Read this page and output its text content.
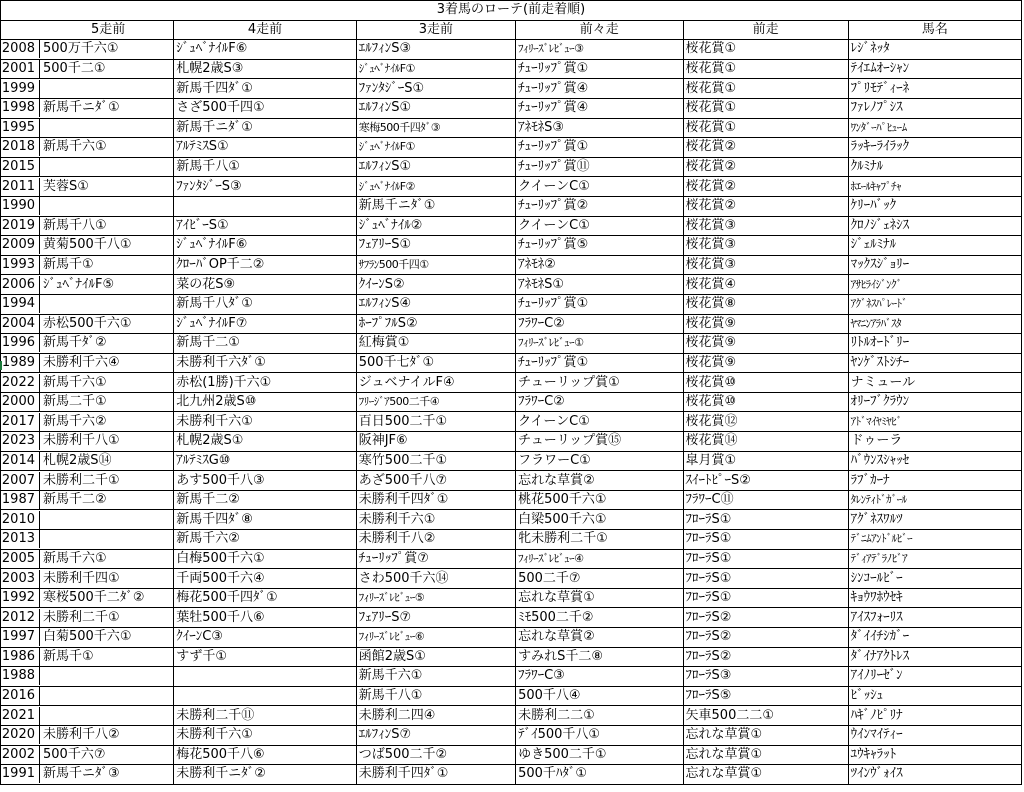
3着馬のローテ(前走着順)					
5走前	4走前	3走前	前々走	前走	馬名
2008 500万千六①	ｼﾞｭﾍﾞﾅｲﾙF⑥	ｴﾙﾌｨﾝS③	ﾌｨﾘｰｽﾞﾚﾋﾞｭｰ③	桜花賞①	ﾚｼﾞﾈｯﾀ
2001 500千二①	札幌2歳S③	ｼﾞｭﾍﾞﾅｲﾙF①	ﾁｭｰﾘｯﾌﾟ賞①	桜花賞①	ﾃｲｴﾑｵｰｼｬﾝ
1999	新馬千四ﾀﾞ①	ﾌｧﾝﾀｼﾞｰS①	ﾁｭｰﾘｯﾌﾟ賞④	桜花賞①	ﾌﾟﾘﾓﾃﾞｨｰﾈ
1998 新馬千ニﾀﾞ①	さざ500千四①	ｴﾙﾌｨﾝS①	ﾁｭｰﾘｯﾌﾟ賞④	桜花賞①	ﾌｧﾚﾉﾌﾟｼｽ
1995	新馬千ニﾀﾞ①	寒梅500千四ﾀﾞ③	ｱﾈﾓﾈS③	桜花賞①	ﾜﾝﾀﾞｰﾊﾟﾋｭｰﾑ
2018 新馬千六①	ｱﾙﾃﾐｽS①	ｼﾞｭﾍﾞﾅｲﾙF①	ﾁｭｰﾘｯﾌﾟ賞①	桜花賞②	ﾗｯｷｰﾗｲﾗｯｸ
2015	新馬千八①	ｴﾙﾌｨﾝS①	ﾁｭｰﾘｯﾌﾟ賞⑪	桜花賞②	ｸﾙﾐﾅﾙ
2011 芙蓉S①	ﾌｧﾝﾀｼﾞｰS③	ｼﾞｭﾍﾞﾅｲﾙF②	クイーンC①	桜花賞②	ﾎｴｰﾙｷｬﾌﾟﾁｬ
1990		新馬千ニﾀﾞ①	ﾁｭｰﾘｯﾌﾟ賞②	桜花賞②	ｹﾘｰﾊﾞｯｸ
2019 新馬千八①	ｱｲﾋﾞｰS①	ｼﾞｭﾍﾞﾅｲﾙ②	クイーンC①	桜花賞③	ｸﾛﾉｼﾞｪﾈｼｽ
2009 黄菊500千八①	ｼﾞｭﾍﾞﾅｲﾙF⑥	ﾌｪｱﾘｰS①	ﾁｭｰﾘｯﾌﾟ賞⑤	桜花賞③	ｼﾞｪﾙﾐﾅﾙ
1993 新馬千①	ｸﾛｰﾊﾞOP千二②	ｻﾌﾗﾝ500千四①	ｱﾈﾓﾈ②	桜花賞③	ﾏｯｸｽｼﾞｮﾘｰ
2006 ｼﾞｭﾍﾞﾅｲﾙF⑤	菜の花S⑨	ｸｲｰﾝS②	ｱﾈﾓﾈS①	桜花賞④	ｱｻﾋﾗｲｼﾞﾝｸﾞ
1994	新馬千八ﾀﾞ①	ｴﾙﾌｨﾝS④	ﾁｭｰﾘｯﾌﾟ賞①	桜花賞⑧	ｱｸﾞﾈｽﾊﾟﾚｰﾄﾞ
2004 赤松500千六①	ｼﾞｭﾍﾞﾅｲﾙF⑦	ﾎｰﾌﾟﾌﾙS②	ﾌﾗﾜｰC②	桜花賞⑨	ﾔﾏﾆﾝｱﾗﾊﾞｽﾀ
1996 新馬千ﾀﾞ②	新馬千二①	紅梅賞①	ﾌｨﾘｰｽﾞﾚﾋﾞｭｰ①	桜花賞⑨	ﾘﾄﾙｵｰﾄﾞﾘｰ
1989 未勝利千六④	未勝利千六ﾀﾞ①	500千七ﾀﾞ①	ﾁｭｰﾘｯﾌﾟ賞①	桜花賞⑨	ﾔﾝｹﾞｽﾄｼﾁｰ
2022 新馬千六①	赤松(1勝)千六①	ジュベナイルF④	チューリップ賞①	桜花賞⑩	ナミュール
2000 新馬二千①	北九州2歳S⑩	ﾌﾘｰｼﾞｱ500二千④	ﾌﾗﾜｰC②	桜花賞⑩	ｵﾘｰﾌﾞｸﾗｳﾝ
2017 新馬千六②	未勝利千六①	百日500二千①	クイーンC①	桜花賞⑫	ｱﾄﾞﾏｲﾔﾐﾔﾋﾞ
2023 未勝利千八①	札幌2歳S①	阪神JF⑥	チューリップ賞⑮	桜花賞⑭	ドゥーラ
2014 札幌2歳S⑭	ｱﾙﾃﾐｽG⑩	寒竹500二千①	フラワーC①	皐月賞①	ﾊﾞｳﾝｽｼｬｯｾ
2007 未勝利二千①	あす500千八③	あざ500千八⑦	忘れな草賞②	ｽｲｰﾄﾋﾟｰS②	ﾗﾌﾞｶｰﾅ
1987 新馬千二②	新馬千二②	未勝利千四ﾀﾞ①	桃花500千六①	ﾌﾗﾜｰC⑪	ﾀﾚﾝﾃｨﾄﾞｶﾞｰﾙ
2010	新馬千四ﾀﾞ⑧	未勝利千六①	白梁500千六①	ﾌﾛｰﾗS①	ｱｸﾞﾈｽﾜﾙﾂ
2013	新馬千六②	未勝利千八②	牝未勝利二千①	ﾌﾛｰﾗS①	ﾃﾞﾆﾑｱﾝﾄﾞﾙﾋﾞｰ
2005 新馬千六①	白梅500千六①	ﾁｭｰﾘｯﾌﾟ賞⑦	ﾌｨﾘｰｽﾞﾚﾋﾞｭｰ④	ﾌﾛｰﾗS①	ﾃﾞｨｱﾃﾞﾗﾉﾋﾞｱ
2003 未勝利千四①	千両500千六④	さわ500千六⑭	500二千⑦	ﾌﾛｰﾗS①	ｼﾝｺｰﾙﾋﾞｰ
1992 寒桜500千二ﾀﾞ②	梅花500千四ﾀﾞ①	ﾌｨﾘｰｽﾞﾚﾋﾞｭｰ⑤	忘れな草賞①	ﾌﾛｰﾗS①	ｷｮｳﾜﾎｳｾｷ
2012 未勝利二千①	葉牡500千八⑥	ﾌｪｱﾘｰS⑦	ﾐﾓ500二千②	ﾌﾛｰﾗS②	ｱｲｽﾌｫｰﾘｽ
1997 白菊500千六①	ｸｲｰﾝC③	ﾌｨﾘｰｽﾞﾚﾋﾞｭｰ⑥	忘れな草賞②	ﾌﾛｰﾗS②	ﾀﾞｲｲﾁｼｶﾞｰ
1986 新馬千①	すず千①	函館2歳S①	すみれS千二⑧	ﾌﾛｰﾗS②	ﾀﾞｲﾅｱｸﾄﾚｽ
1988		新馬千六①	ﾌﾗﾜｰC③	ﾌﾛｰﾗS③	ｱｲﾉﾘｰｾﾞﾝ
2016		新馬千八①	500千八④	ﾌﾛｰﾗS⑤	ﾋﾞｯｼｭ
2021	未勝利二千⑪	未勝利二四④	未勝利二二①	矢車500二二①	ﾊｷﾞﾉﾋﾟﾘﾅ
2020 未勝利千八②	未勝利千六①	ｴﾙﾌｨﾝS⑦	ﾃﾞｲ500千八①	忘れな草賞①	ｳｲﾝﾏｲﾃｨｰ
2002 500千六⑦	梅花500千八⑥	つば500二千②	ゆき500二千①	忘れな草賞①	ﾕｳｷｬﾗｯﾄ
1991 新馬千ニﾀﾞ③	未勝利千ニﾀﾞ②	未勝利千四ﾀﾞ①	500千ﾊﾀﾞ①	忘れな草賞①	ﾂｲﾝｳﾞｫｲｽ
